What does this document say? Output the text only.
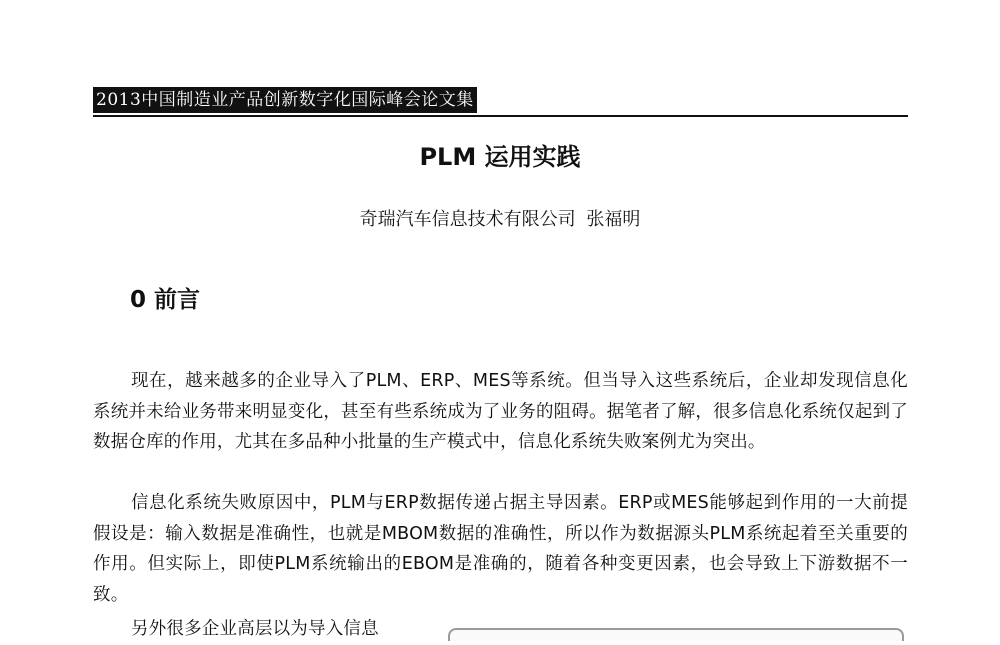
2013中国制造业产品创新数字化国际峰会论文集
PLM 运用实践
奇瑞汽车信息技术有限公司 张福明
0 前言

现在，越来越多的企业导入了PLM、ERP、MES等系统。但当导入这些系统后，企业却发现信息化系统并未给业务带来明显变化，甚至有些系统成为了业务的阻碍。据笔者了解，很多信息化系统仅起到了数据仓库的作用，尤其在多品种小批量的生产模式中，信息化系统失败案例尤为突出。

信息化系统失败原因中，PLM与ERP数据传递占据主导因素。ERP或MES能够起到作用的一大前提假设是：输入数据是准确性，也就是MBOM数据的准确性，所以作为数据源头PLM系统起着至关重要的作用。但实际上，即使PLM系统输出的EBOM是准确的，随着各种变更因素，也会导致上下游数据不一致。

另外很多企业高层以为导入信息
